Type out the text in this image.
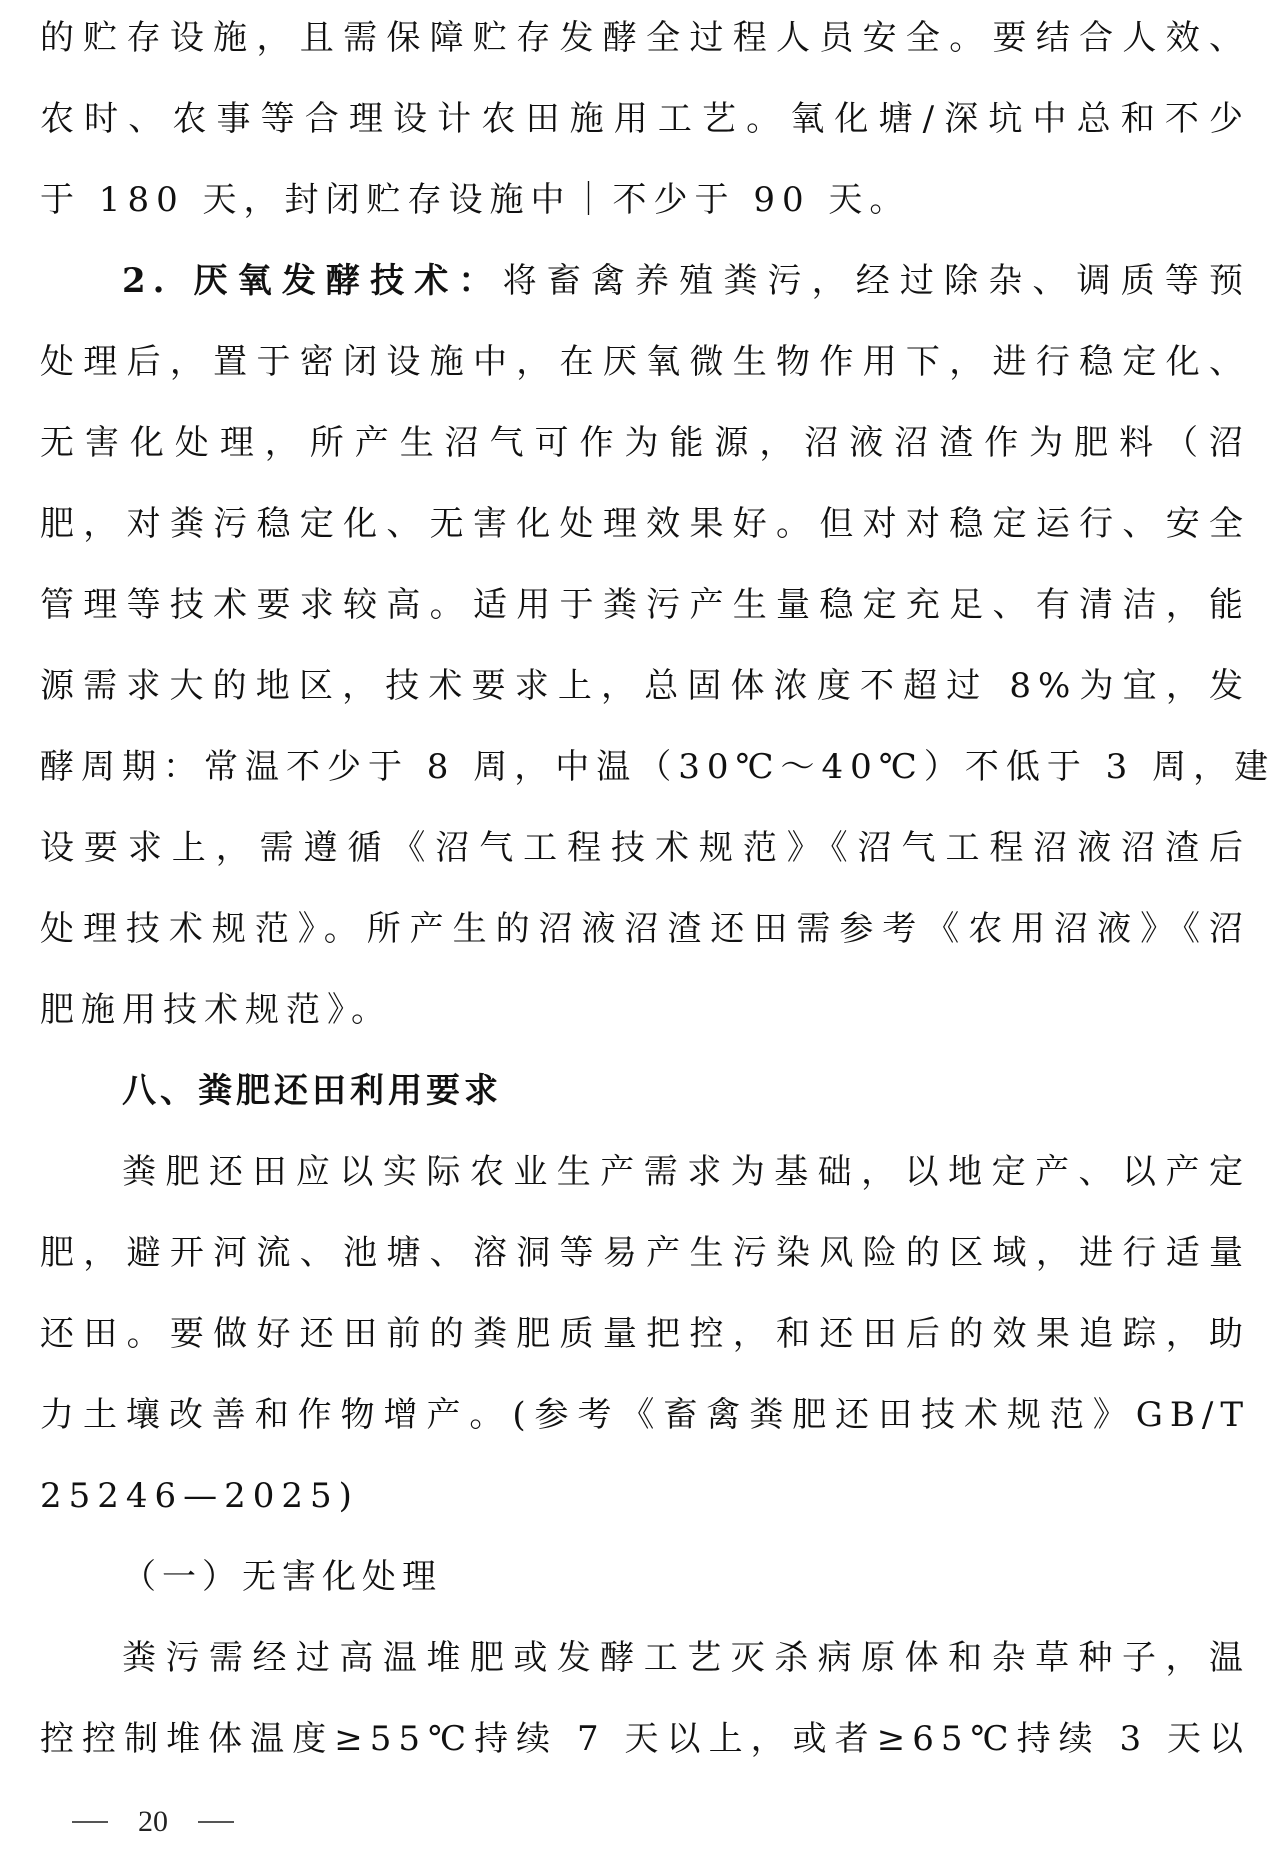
的贮存设施，且需保障贮存发酵全过程人员安全。要结合人效、
农时、农事等合理设计农田施用工艺。氧化塘/深坑中总和不少
于 180 天，封闭贮存设施中｜不少于 90 天。
2. 厌氧发酵技术：将畜禽养殖粪污，经过除杂、调质等预
处理后，置于密闭设施中，在厌氧微生物作用下，进行稳定化、
无害化处理，所产生沼气可作为能源，沼液沼渣作为肥料（沼
肥，对粪污稳定化、无害化处理效果好。但对对稳定运行、安全
管理等技术要求较高。适用于粪污产生量稳定充足、有清洁，能
源需求大的地区，技术要求上，总固体浓度不超过 8%为宜，发
酵周期：常温不少于 8 周，中温（30℃～40℃）不低于 3 周，建
设要求上，需遵循《沼气工程技术规范》《沼气工程沼液沼渣后
处理技术规范》。所产生的沼液沼渣还田需参考《农用沼液》《沼
肥施用技术规范》。
八、粪肥还田利用要求
粪肥还田应以实际农业生产需求为基础，以地定产、以产定
肥，避开河流、池塘、溶洞等易产生污染风险的区域，进行适量
还田。要做好还田前的粪肥质量把控，和还田后的效果追踪，助
力土壤改善和作物增产。(参考《畜禽粪肥还田技术规范》GB/T
25246—2025)
（一）无害化处理
粪污需经过高温堆肥或发酵工艺灭杀病原体和杂草种子，温
控控制堆体温度≥55℃持续 7 天以上，或者≥65℃持续 3 天以
20
